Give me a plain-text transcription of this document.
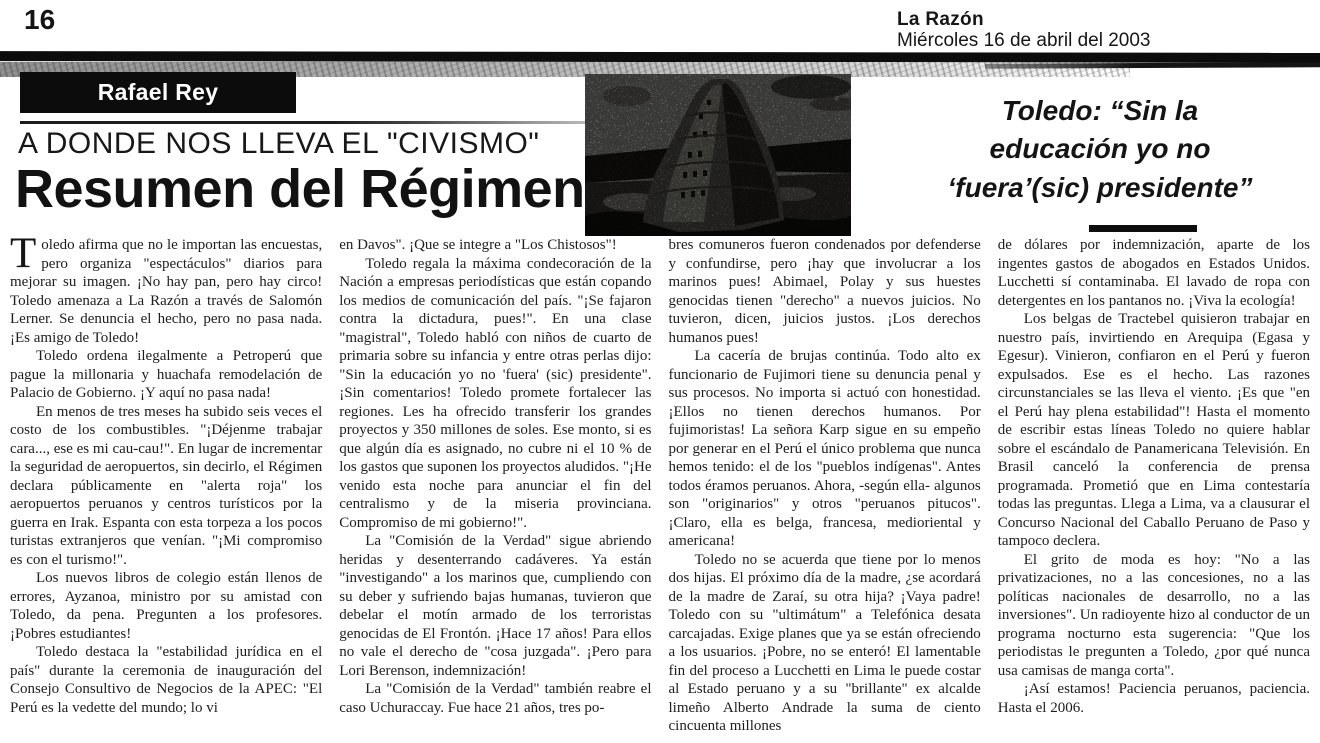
16	La Razón
Miércoles 16 de abril del 2003
Rafael Rey
A DONDE NOS LLEVA EL "CIVISMO"
Resumen del Régimen
Toledo: “Sin la
educación yo no
‘fuera’(sic) presidente”

Toledo afirma que no le importan las encuestas, pero organiza "espectáculos" diarios para mejorar su imagen. ¡No hay pan, pero hay circo! Toledo amenaza a La Razón a través de Salomón Lerner. Se denuncia el hecho, pero no pasa nada. ¡Es amigo de Toledo!

Toledo ordena ilegalmente a Petroperú que pague la millonaria y huachafa remodelación de Palacio de Gobierno. ¡Y aquí no pasa nada!

En menos de tres meses ha subido seis veces el costo de los combustibles. "¡Déjenme trabajar cara..., ese es mi cau-cau!". En lugar de incrementar la seguridad de aeropuertos, sin decirlo, el Régimen declara públicamente en "alerta roja" los aeropuertos peruanos y centros turísticos por la guerra en Irak. Espanta con esta torpeza a los pocos turistas extranjeros que venían. "¡Mi compromiso es con el turismo!".

Los nuevos libros de colegio están llenos de errores, Ayzanoa, ministro por su amistad con Toledo, da pena. Pregunten a los profesores. ¡Pobres estudiantes!

Toledo destaca la "estabilidad jurídica en el país" durante la ceremonia de inauguración del Consejo Consultivo de Negocios de la APEC: "El Perú es la vedette del mundo; lo vi

en Davos". ¡Que se integre a "Los Chistosos"!

Toledo regala la máxima condecoración de la Nación a empresas periodísticas que están copando los medios de comunicación del país. "¡Se fajaron contra la dictadura, pues!". En una clase "magistral", Toledo habló con niños de cuarto de primaria sobre su infancia y entre otras perlas dijo: "Sin la educación yo no 'fuera' (sic) presidente". ¡Sin comentarios! Toledo promete fortalecer las regiones. Les ha ofrecido transferir los grandes proyectos y 350 millones de soles. Ese monto, si es que algún día es asignado, no cubre ni el 10 % de los gastos que suponen los proyectos aludidos. "¡He venido esta noche para anunciar el fin del centralismo y de la miseria provinciana. Compromiso de mi gobierno!".

La "Comisión de la Verdad" sigue abriendo heridas y desenterrando cadáveres. Ya están "investigando" a los marinos que, cumpliendo con su deber y sufriendo bajas humanas, tuvieron que debelar el motín armado de los terroristas genocidas de El Frontón. ¡Hace 17 años! Para ellos no vale el derecho de "cosa juzgada". ¡Pero para Lori Berenson, indemnización!

La "Comisión de la Verdad" también reabre el caso Uchuraccay. Fue hace 21 años, tres po-

bres comuneros fueron condenados por defenderse y confundirse, pero ¡hay que involucrar a los marinos pues! Abimael, Polay y sus huestes genocidas tienen "derecho" a nuevos juicios. No tuvieron, dicen, juicios justos. ¡Los derechos humanos pues!

La cacería de brujas continúa. Todo alto ex funcionario de Fujimori tiene su denuncia penal y sus procesos. No importa si actuó con honestidad. ¡Ellos no tienen derechos humanos. Por fujimoristas! La señora Karp sigue en su empeño por generar en el Perú el único problema que nunca hemos tenido: el de los "pueblos indígenas". Antes todos éramos peruanos. Ahora, -según ella- algunos son "originarios" y otros "peruanos pitucos". ¡Claro, ella es belga, francesa, medioriental y americana!

Toledo no se acuerda que tiene por lo menos dos hijas. El próximo día de la madre, ¿se acordará de la madre de Zaraí, su otra hija? ¡Vaya padre! Toledo con su "ultimátum" a Telefónica desata carcajadas. Exige planes que ya se están ofreciendo a los usuarios. ¡Pobre, no se enteró! El lamentable fin del proceso a Lucchetti en Lima le puede costar al Estado peruano y a su "brillante" ex alcalde limeño Alberto Andrade la suma de ciento cincuenta millones

de dólares por indemnización, aparte de los ingentes gastos de abogados en Estados Unidos. Lucchetti sí contaminaba. El lavado de ropa con detergentes en los pantanos no. ¡Viva la ecología!

Los belgas de Tractebel quisieron trabajar en nuestro país, invirtiendo en Arequipa (Egasa y Egesur). Vinieron, confiaron en el Perú y fueron expulsados. Ese es el hecho. Las razones circunstanciales se las lleva el viento. ¡Es que "en el Perú hay plena estabilidad"! Hasta el momento de escribir estas líneas Toledo no quiere hablar sobre el escándalo de Panamericana Televisión. En Brasil canceló la conferencia de prensa programada. Prometió que en Lima contestaría todas las preguntas. Llega a Lima, va a clausurar el Concurso Nacional del Caballo Peruano de Paso y tampoco declera.

El grito de moda es hoy: "No a las privatizaciones, no a las concesiones, no a las políticas nacionales de desarrollo, no a las inversiones". Un radioyente hizo al conductor de un programa nocturno esta sugerencia: "Que los periodistas le pregunten a Toledo, ¿por qué nunca usa camisas de manga corta".

¡Así estamos! Paciencia peruanos, paciencia. Hasta el 2006.
